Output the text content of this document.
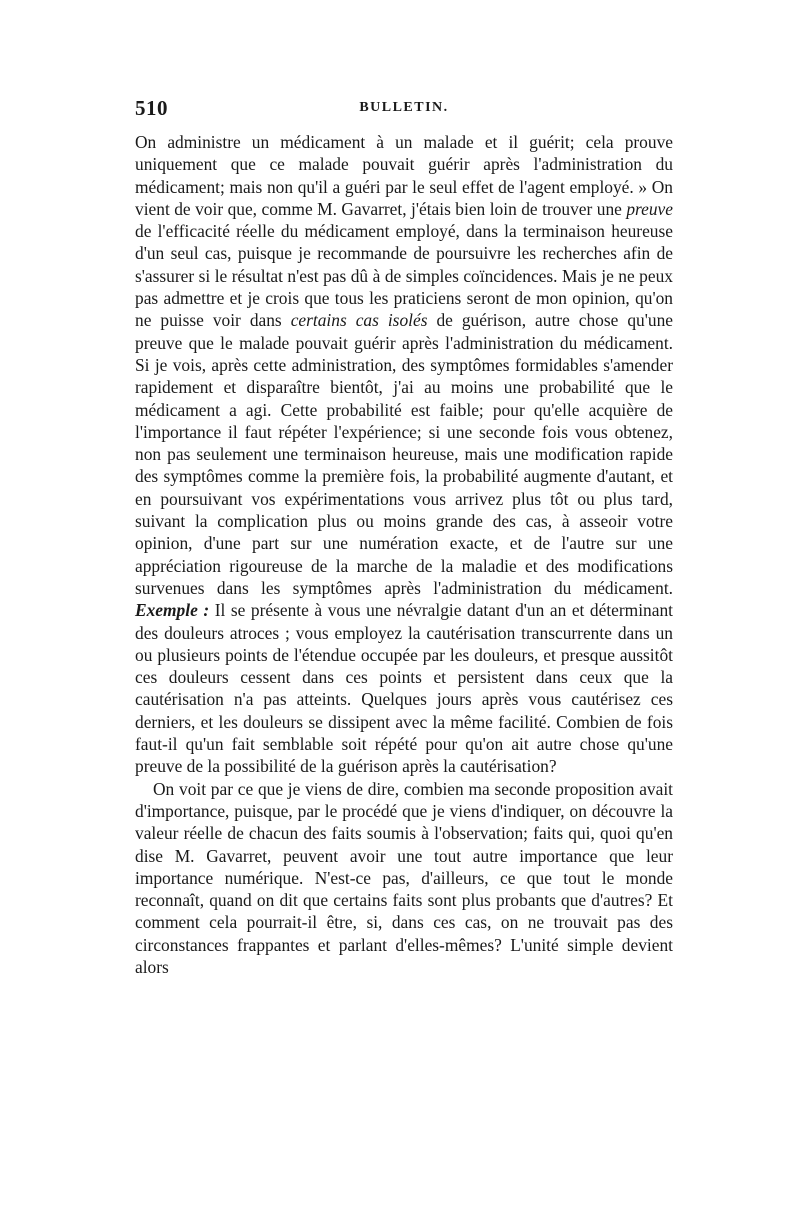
510	BULLETIN.

On administre un médicament à un malade et il guérit; cela prouve uniquement que ce malade pouvait guérir après l'administration du médicament; mais non qu'il a guéri par le seul effet de l'agent employé. » On vient de voir que, comme M. Gavarret, j'étais bien loin de trouver une preuve de l'efficacité réelle du médicament employé, dans la terminaison heureuse d'un seul cas, puisque je recommande de poursuivre les recherches afin de s'assurer si le résultat n'est pas dû à de simples coïncidences. Mais je ne peux pas admettre et je crois que tous les praticiens seront de mon opinion, qu'on ne puisse voir dans certains cas isolés de guérison, autre chose qu'une preuve que le malade pouvait guérir après l'administration du médicament. Si je vois, après cette administration, des symptômes formidables s'amender rapidement et disparaître bientôt, j'ai au moins une probabilité que le médicament a agi. Cette probabilité est faible; pour qu'elle acquière de l'importance il faut répéter l'expérience; si une seconde fois vous obtenez, non pas seulement une terminaison heureuse, mais une modification rapide des symptômes comme la première fois, la probabilité augmente d'autant, et en poursuivant vos expérimentations vous arrivez plus tôt ou plus tard, suivant la complication plus ou moins grande des cas, à asseoir votre opinion, d'une part sur une numération exacte, et de l'autre sur une appréciation rigoureuse de la marche de la maladie et des modifications survenues dans les symptômes après l'administration du médicament. Exemple : Il se présente à vous une névralgie datant d'un an et déterminant des douleurs atroces ; vous employez la cautérisation transcurrente dans un ou plusieurs points de l'étendue occupée par les douleurs, et presque aussitôt ces douleurs cessent dans ces points et persistent dans ceux que la cautérisation n'a pas atteints. Quelques jours après vous cautérisez ces derniers, et les douleurs se dissipent avec la même facilité. Combien de fois faut-il qu'un fait semblable soit répété pour qu'on ait autre chose qu'une preuve de la possibilité de la guérison après la cautérisation?

On voit par ce que je viens de dire, combien ma seconde proposition avait d'importance, puisque, par le procédé que je viens d'indiquer, on découvre la valeur réelle de chacun des faits soumis à l'observation; faits qui, quoi qu'en dise M. Gavarret, peuvent avoir une tout autre importance que leur importance numérique. N'est-ce pas, d'ailleurs, ce que tout le monde reconnaît, quand on dit que certains faits sont plus probants que d'autres? Et comment cela pourrait-il être, si, dans ces cas, on ne trouvait pas des circonstances frappantes et parlant d'elles-mêmes? L'unité simple devient alors
